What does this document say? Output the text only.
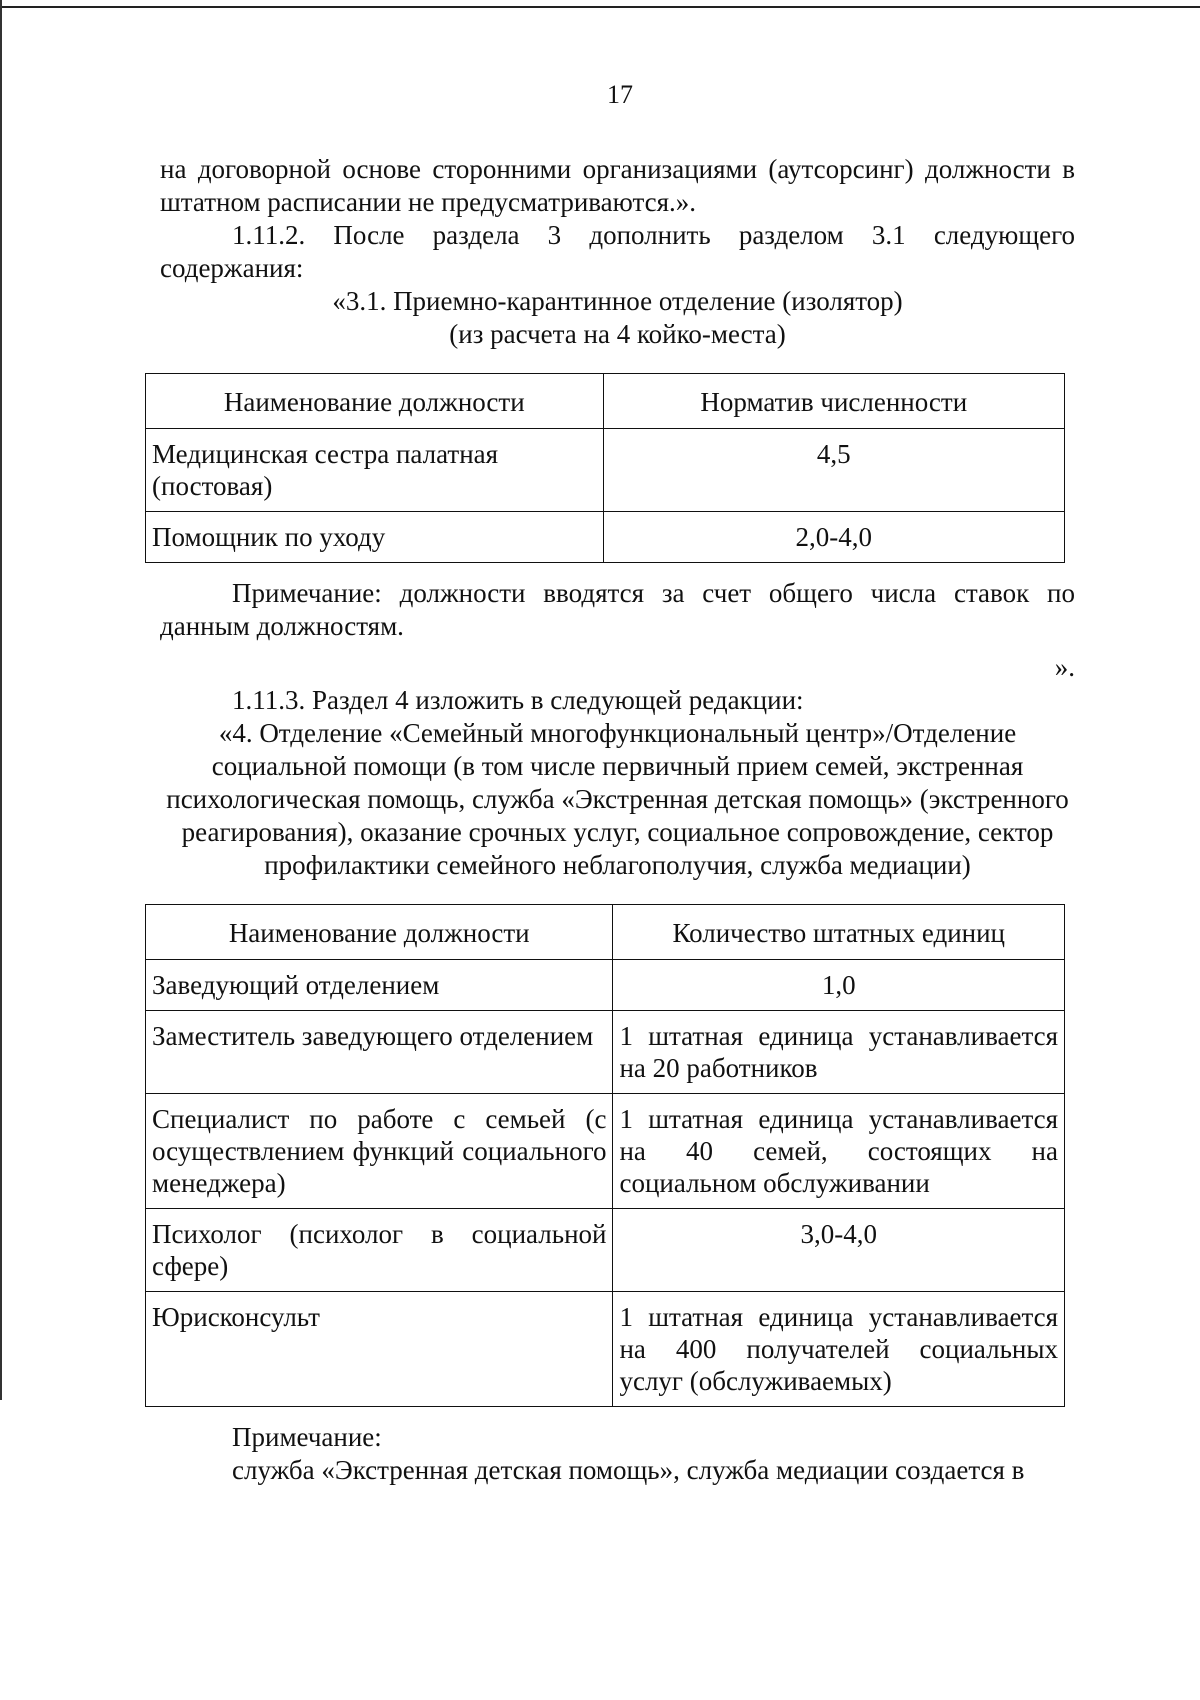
17

на договорной основе сторонними организациями (аутсорсинг) должности в штатном расписании не предусматриваются.».

1.11.2. После раздела 3 дополнить разделом 3.1 следующего содержания:

«3.1. Приемно-карантинное отделение (изолятор)

(из расчета на 4 койко-места)

Наименование должности	Норматив численности
Медицинская сестра палатная (постовая)	4,5
Помощник по уходу	2,0-4,0

Примечание: должности вводятся за счет общего числа ставок по данным должностям.

».

1.11.3. Раздел 4 изложить в следующей редакции:

«4. Отделение «Семейный многофункциональный центр»/Отделение социальной помощи (в том числе первичный прием семей, экстренная психологическая помощь, служба «Экстренная детская помощь» (экстренного реагирования), оказание срочных услуг, социальное сопровождение, сектор профилактики семейного неблагополучия, служба медиации)

Наименование должности	Количество штатных единиц
Заведующий отделением	1,0
Заместитель заведующего отделением	1 штатная единица устанавливается на 20 работников
Специалист по работе с семьей (с осуществлением функций социального менеджера)	1 штатная единица устанавливается на 40 семей, состоящих на социальном обслуживании
Психолог (психолог в социальной сфере)	3,0-4,0
Юрисконсульт	1 штатная единица устанавливается на 400 получателей социальных услуг (обслуживаемых)

Примечание:

служба «Экстренная детская помощь», служба медиации создается в
